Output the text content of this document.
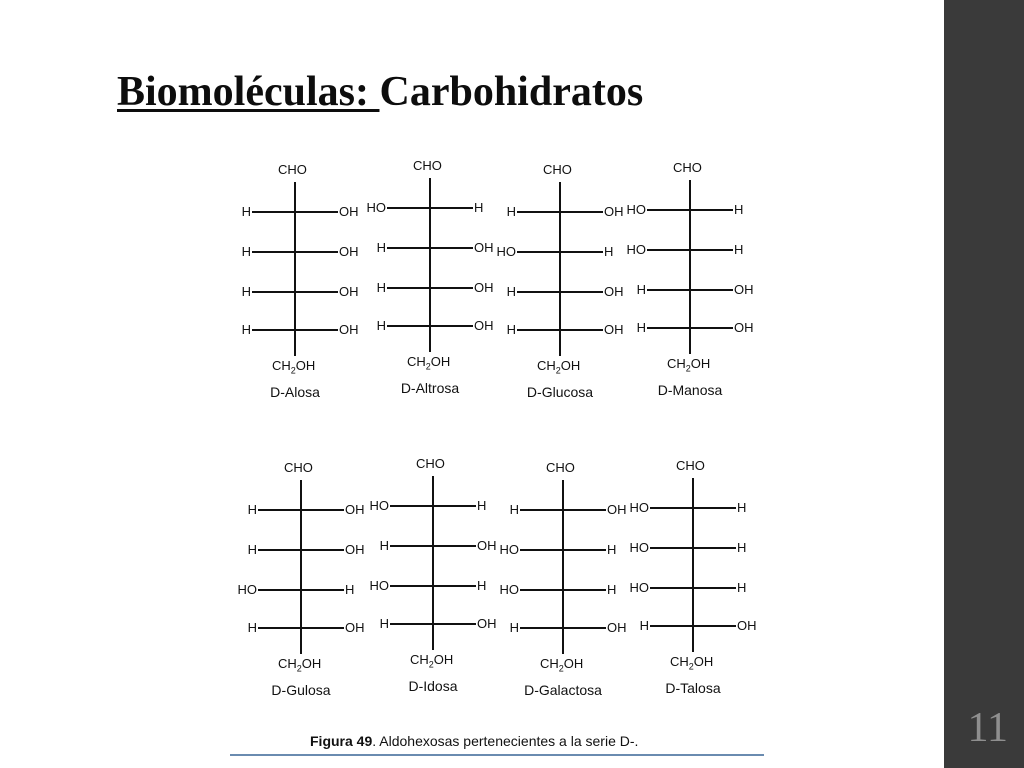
Biomoléculas: Carbohidratos
11
CHO
H	OH
H	OH
H	OH
H	OH
$CH_2OH$
D-Alosa
CHO
HO	H
H	OH
H	OH
H	OH
$CH_2OH$
D-Altrosa
CHO
H	OH
HO	H
H	OH
H	OH
$CH_2OH$
D-Glucosa
CHO
HO	H
HO	H
H	OH
H	OH
$CH_2OH$
D-Manosa
CHO
H	OH
H	OH
HO	H
H	OH
$CH_2OH$
D-Gulosa
CHO
HO	H
H	OH
HO	H
H	OH
$CH_2OH$
D-Idosa
CHO
H	OH
HO	H
HO	H
H	OH
$CH_2OH$
D-Galactosa
CHO
HO	H
HO	H
HO	H
H	OH
$CH_2OH$
D-Talosa
Figura 49. Aldohexosas pertenecientes a la serie D-.
